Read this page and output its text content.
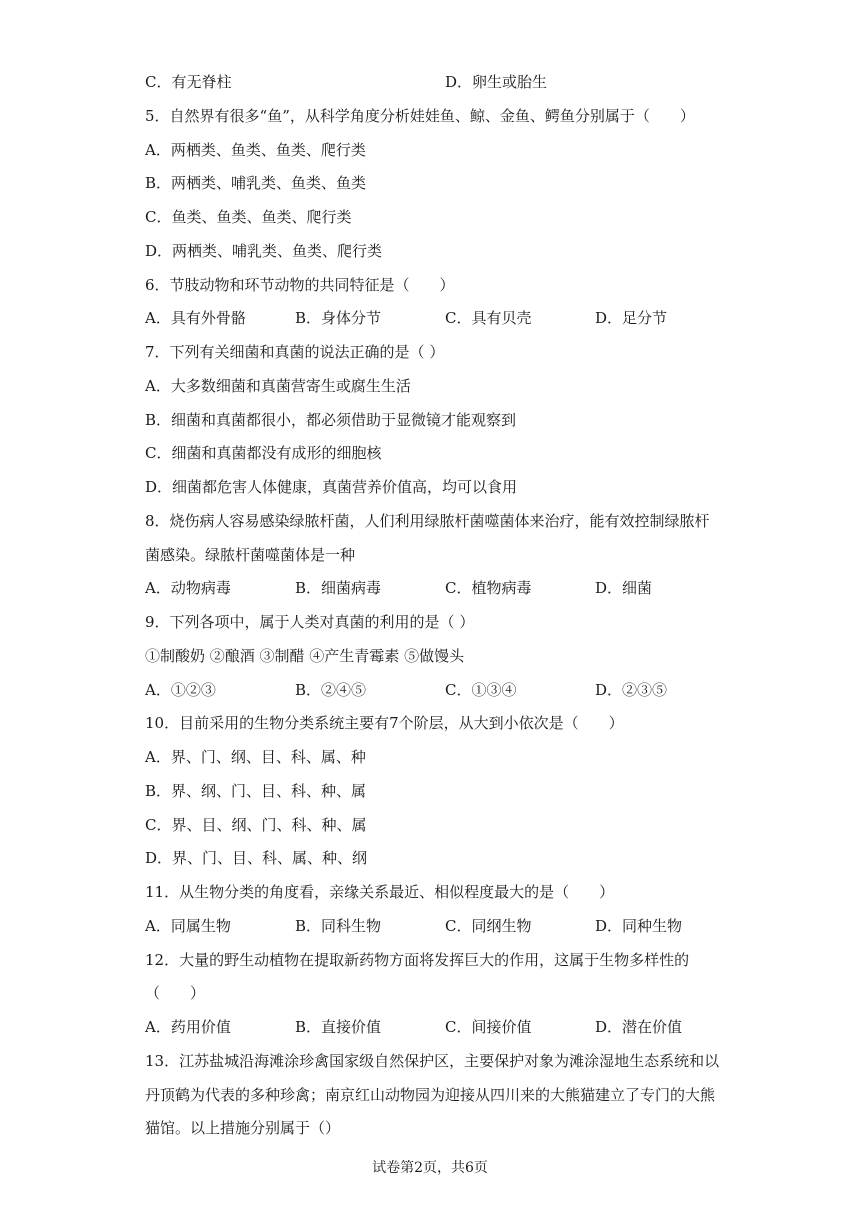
C．有无脊柱	D．卵生或胎生
5．自然界有很多“鱼”，从科学角度分析娃娃鱼、鲸、金鱼、鳄鱼分别属于（　　）
A．两栖类、鱼类、鱼类、爬行类
B．两栖类、哺乳类、鱼类、鱼类
C．鱼类、鱼类、鱼类、爬行类
D．两栖类、哺乳类、鱼类、爬行类
6．节肢动物和环节动物的共同特征是（　　）
A．具有外骨骼	B．身体分节	C．具有贝壳	D．足分节
7．下列有关细菌和真菌的说法正确的是（ ）
A．大多数细菌和真菌营寄生或腐生生活
B．细菌和真菌都很小，都必须借助于显微镜才能观察到
C．细菌和真菌都没有成形的细胞核
D．细菌都危害人体健康，真菌营养价值高，均可以食用
8．烧伤病人容易感染绿脓杆菌，人们利用绿脓杆菌噬菌体来治疗，能有效控制绿脓杆
菌感染。绿脓杆菌噬菌体是一种
A．动物病毒	B．细菌病毒	C．植物病毒	D．细菌
9．下列各项中，属于人类对真菌的利用的是（ ）
①制酸奶 ②酿酒 ③制醋 ④产生青霉素 ⑤做馒头
A．①②③	B．②④⑤	C．①③④	D．②③⑤
10．目前采用的生物分类系统主要有7个阶层，从大到小依次是（　　）
A．界、门、纲、目、科、属、种
B．界、纲、门、目、科、种、属
C．界、目、纲、门、科、种、属
D．界、门、目、科、属、种、纲
11．从生物分类的角度看，亲缘关系最近、相似程度最大的是（　　）
A．同属生物	B．同科生物	C．同纲生物	D．同种生物
12．大量的野生动植物在提取新药物方面将发挥巨大的作用，这属于生物多样性的
（　　）
A．药用价值	B．直接价值	C．间接价值	D．潜在价值
13．江苏盐城沿海滩涂珍禽国家级自然保护区，主要保护对象为滩涂湿地生态系统和以
丹顶鹤为代表的多种珍禽；南京红山动物园为迎接从四川来的大熊猫建立了专门的大熊
猫馆。以上措施分别属于（）
试卷第2页，共6页
